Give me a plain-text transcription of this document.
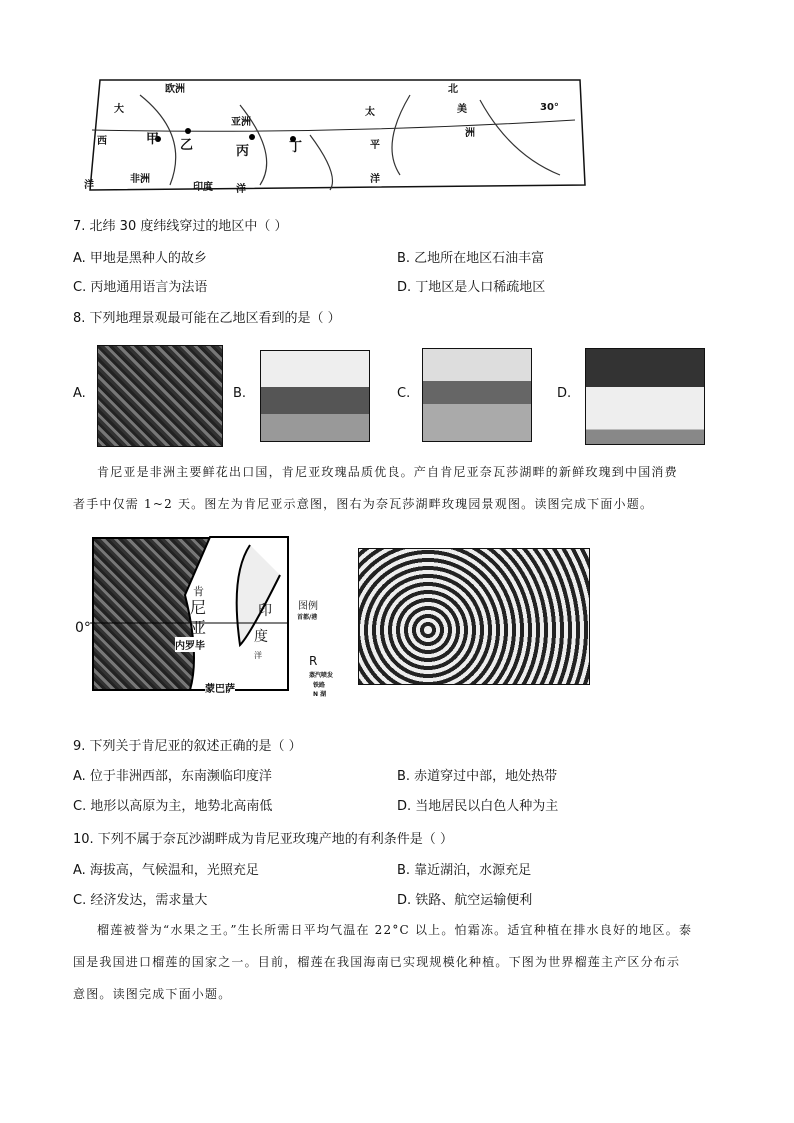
欧洲
大
西
洋
甲 乙
亚洲
丙	丁
非洲
印度 洋
太
平
洋
北
美
洲
30°
7. 北纬 30 度纬线穿过的地区中（ ）
A. 甲地是黑种人的故乡	B. 乙地所在地区石油丰富
C. 丙地通用语言为法语	D. 丁地区是人口稀疏地区
8. 下列地理景观最可能在乙地区看到的是（ ）
A.	B.	C.	D.
肯尼亚是非洲主要鲜花出口国，肯尼亚玫瑰品质优良。产自肯尼亚奈瓦莎湖畔的新鲜玫瑰到中国消费
者手中仅需 1~2 天。图左为肯尼亚示意图，图右为奈瓦莎湖畔玫瑰园景观图。读图完成下面小题。
肯
尼
亚
印
度
洋
内罗毕
蒙巴萨
0°
图例
首都/港
R
蒸汽喷发
铁路
N 湖
9. 下列关于肯尼亚的叙述正确的是（ ）
A. 位于非洲西部，东南濒临印度洋	B. 赤道穿过中部，地处热带
C. 地形以高原为主，地势北高南低	D. 当地居民以白色人种为主
10. 下列不属于奈瓦沙湖畔成为肯尼亚玫瑰产地的有利条件是（ ）
A. 海拔高，气候温和，光照充足	B. 靠近湖泊，水源充足
C. 经济发达，需求量大	D. 铁路、航空运输便利
榴莲被誉为“水果之王。”生长所需日平均气温在 22°C 以上。怕霜冻。适宜种植在排水良好的地区。泰
国是我国进口榴莲的国家之一。目前，榴莲在我国海南已实现规模化种植。下图为世界榴莲主产区分布示
意图。读图完成下面小题。
